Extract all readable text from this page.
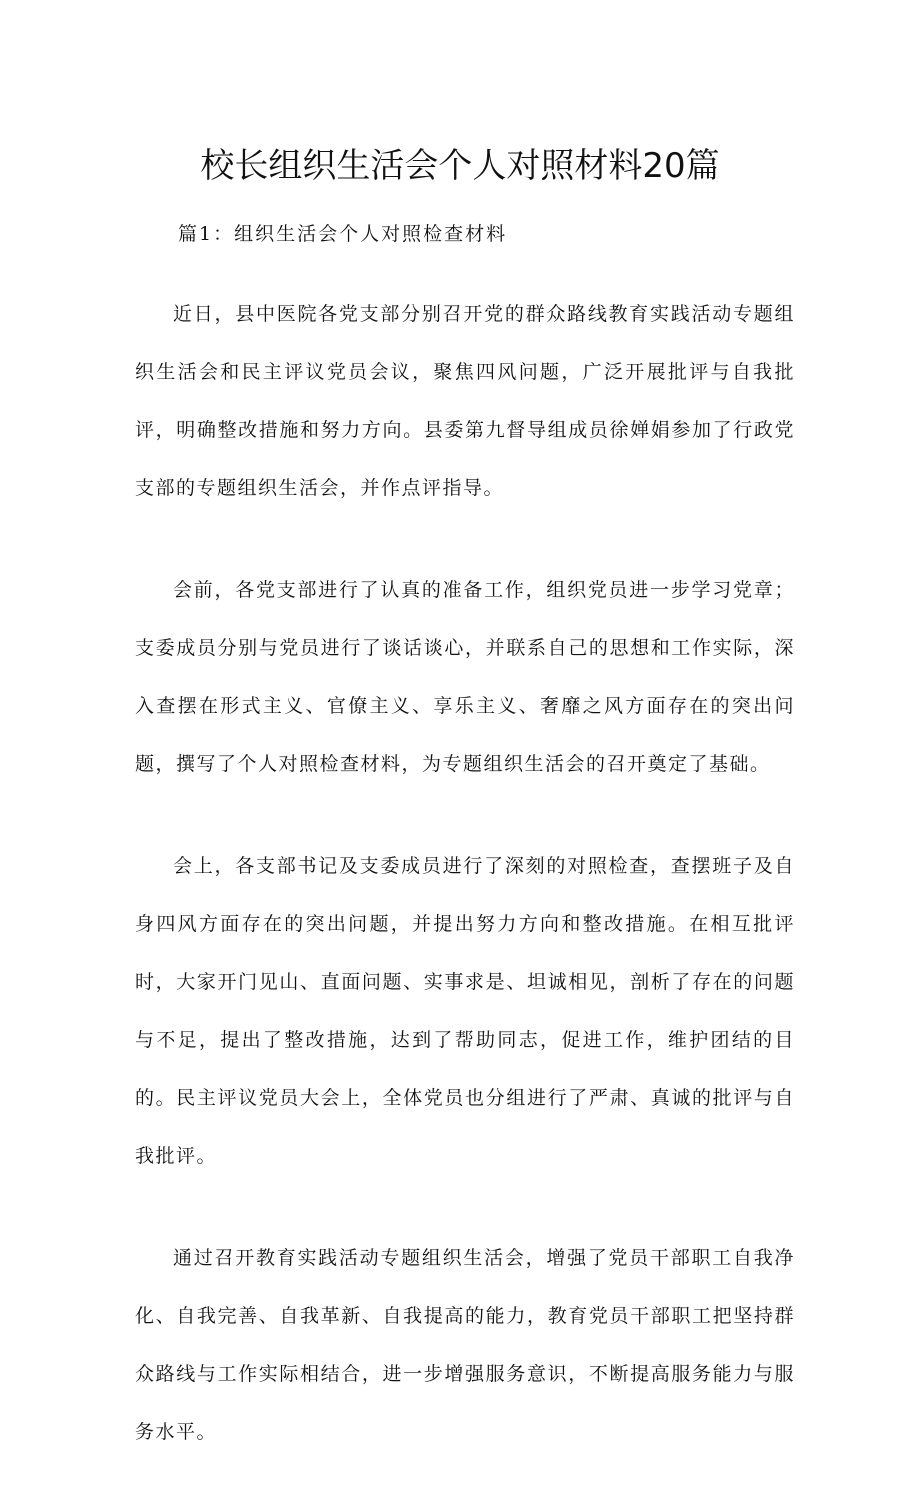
校长组织生活会个人对照材料20篇
篇1：组织生活会个人对照检查材料

近日，县中医院各党支部分别召开党的群众路线教育实践活动专题组织生活会和民主评议党员会议，聚焦四风问题，广泛开展批评与自我批评，明确整改措施和努力方向。县委第九督导组成员徐婵娟参加了行政党支部的专题组织生活会，并作点评指导。

会前，各党支部进行了认真的准备工作，组织党员进一步学习党章；支委成员分别与党员进行了谈话谈心，并联系自己的思想和工作实际，深入查摆在形式主义、官僚主义、享乐主义、奢靡之风方面存在的突出问题，撰写了个人对照检查材料，为专题组织生活会的召开奠定了基础。

会上，各支部书记及支委成员进行了深刻的对照检查，查摆班子及自身四风方面存在的突出问题，并提出努力方向和整改措施。在相互批评时，大家开门见山、直面问题、实事求是、坦诚相见，剖析了存在的问题与不足，提出了整改措施，达到了帮助同志，促进工作，维护团结的目的。民主评议党员大会上，全体党员也分组进行了严肃、真诚的批评与自我批评。

通过召开教育实践活动专题组织生活会，增强了党员干部职工自我净化、自我完善、自我革新、自我提高的能力，教育党员干部职工把坚持群众路线与工作实际相结合，进一步增强服务意识，不断提高服务能力与服务水平。
